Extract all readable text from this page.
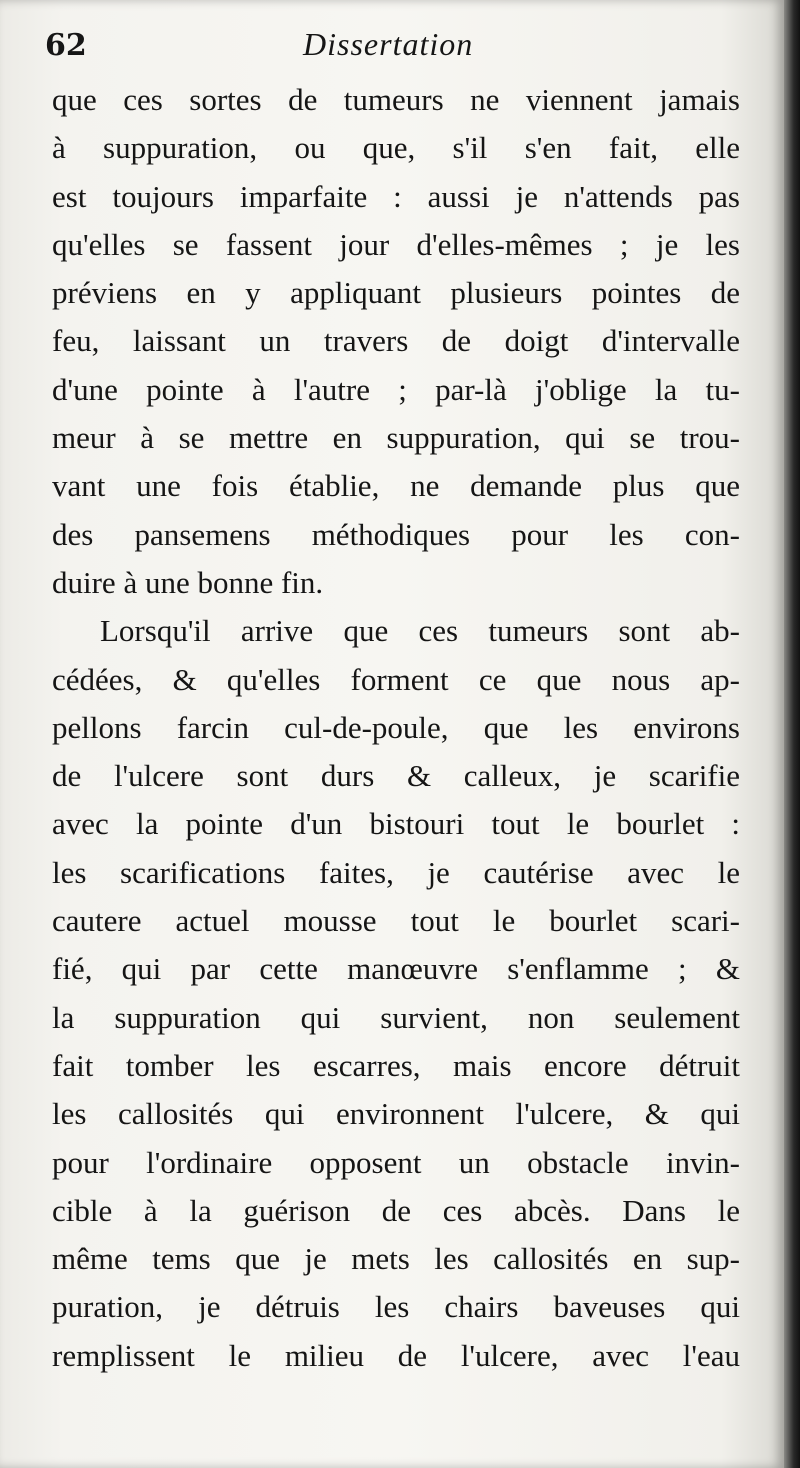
62	Dissertation
que ces sortes de tumeurs ne viennent jamais
à suppuration, ou que, s'il s'en fait, elle
est toujours imparfaite : aussi je n'attends pas
qu'elles se fassent jour d'elles-mêmes ; je les
préviens en y appliquant plusieurs pointes de
feu, laissant un travers de doigt d'intervalle
d'une pointe à l'autre ; par-là j'oblige la tu-
meur à se mettre en suppuration, qui se trou-
vant une fois établie, ne demande plus que
des pansemens méthodiques pour les con-
duire à une bonne fin.
Lorsqu'il arrive que ces tumeurs sont ab-
cédées, & qu'elles forment ce que nous ap-
pellons farcin cul-de-poule, que les environs
de l'ulcere sont durs & calleux, je scarifie
avec la pointe d'un bistouri tout le bourlet :
les scarifications faites, je cautérise avec le
cautere actuel mousse tout le bourlet scari-
fié, qui par cette manœuvre s'enflamme ; &
la suppuration qui survient, non seulement
fait tomber les escarres, mais encore détruit
les callosités qui environnent l'ulcere, & qui
pour l'ordinaire opposent un obstacle invin-
cible à la guérison de ces abcès. Dans le
même tems que je mets les callosités en sup-
puration, je détruis les chairs baveuses qui
remplissent le milieu de l'ulcere, avec l'eau
